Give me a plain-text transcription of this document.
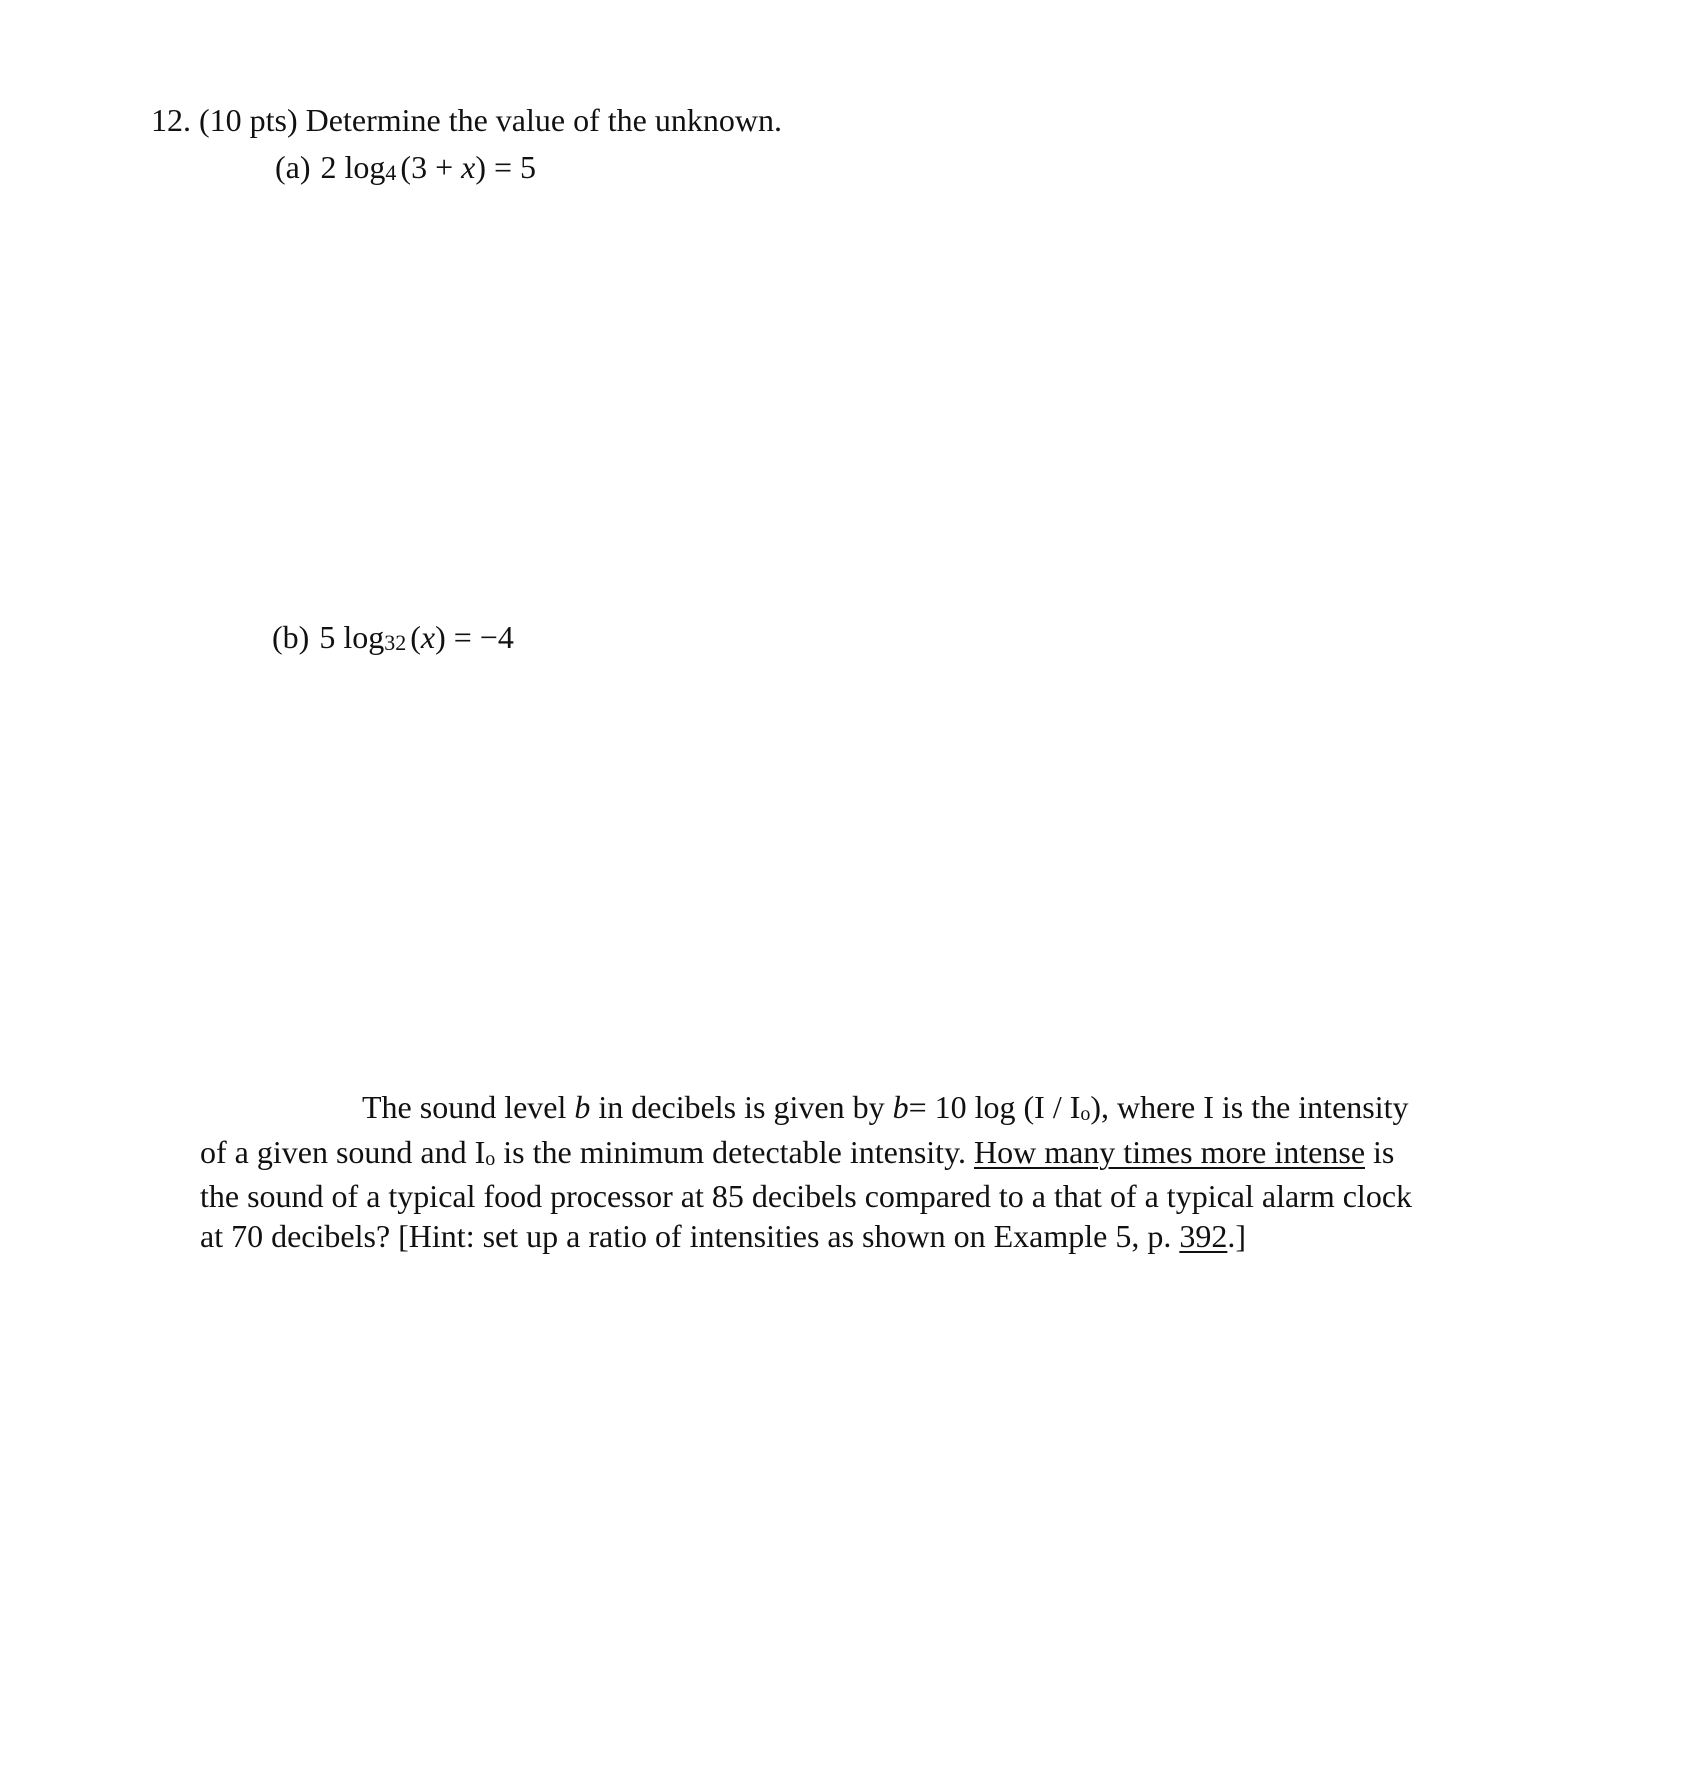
12. (10 pts) Determine the value of the unknown.
(a) 2 log4 (3 + x) = 5
(b) 5 log32 (x) = −4
The sound level b in decibels is given by b= 10 log (I / Io), where I is the intensity
of a given sound and Io is the minimum detectable intensity. How many times more intense is
the sound of a typical food processor at 85 decibels compared to a that of a typical alarm clock
at 70 decibels? [Hint: set up a ratio of intensities as shown on Example 5, p. 392.]
